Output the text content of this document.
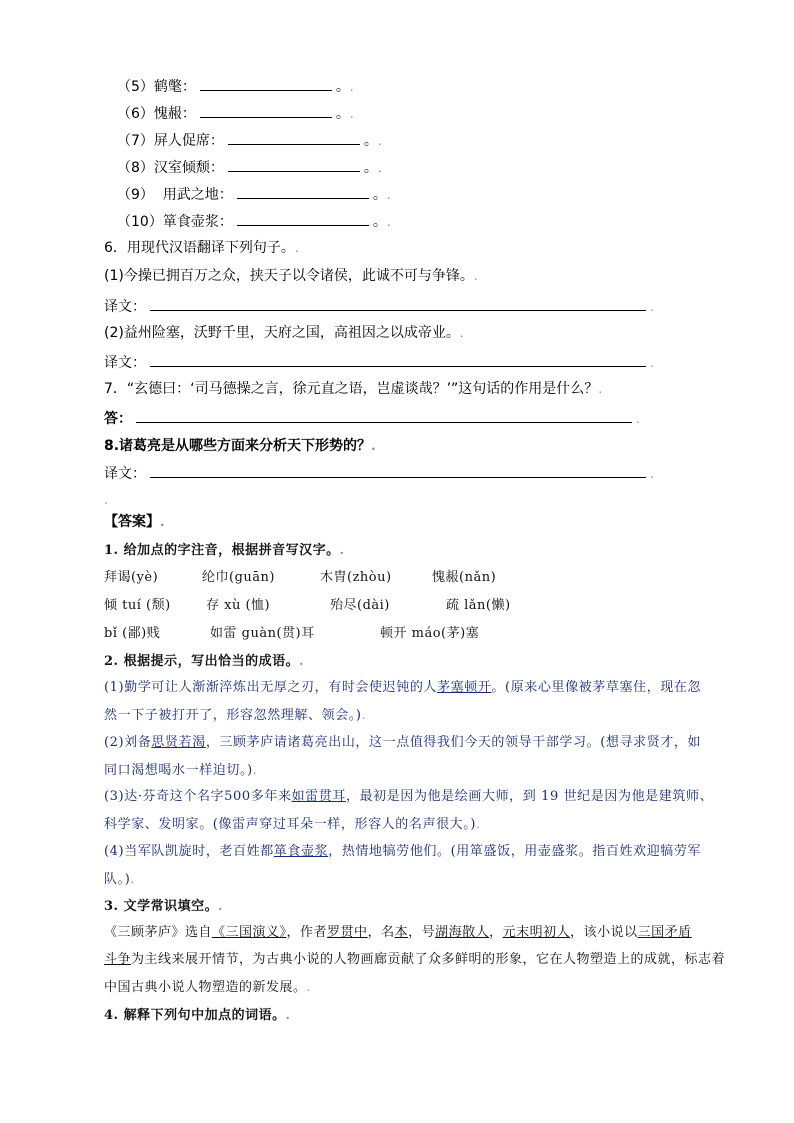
（5）鹤氅：	。.
（6）愧赧：	。.
（7）屏人促席：	。.
（8）汉室倾颓：	。.
（9）  用武之地：	。.
（10）箪食壶浆：	。.
6．用现代汉语翻译下列句子。.
(1)今操已拥百万之众，挟天子以令诸侯，此诚不可与争锋。.
译文：	.
(2)益州险塞，沃野千里，天府之国，高祖因之以成帝业。.
译文：	.
7．“玄德曰：‘司马德操之言，徐元直之语，岂虚谈哉？’”这句话的作用是什么？.
答：	.
8.诸葛亮是从哪些方面来分析天下形势的？.
译文：	.
.
【答案】.
1. 给加点的字注音，根据拼音写汉字。.
拜谒(yè)	纶巾(guān)	木胄(zhòu)	愧赧(nǎn)
倾 tuí (颓)	存 xù (恤)	殆尽(dài)	疏 lǎn(懒)
bǐ (鄙)贱	如雷 guàn(贯)耳	顿开 máo(茅)塞
2. 根据提示，写出恰当的成语。.
(1)勤学可让人渐渐淬炼出无厚之刃，有时会使迟钝的人茅塞顿开。(原来心里像被茅草塞住，现在忽
然一下子被打开了，形容忽然理解、领会。).
(2)刘备思贤若渴，三顾茅庐请诸葛亮出山，这一点值得我们今天的领导干部学习。(想寻求贤才，如
同口渴想喝水一样迫切。).
(3)达·芬奇这个名字500多年来如雷贯耳，最初是因为他是绘画大师，到 19 世纪是因为他是建筑师、
科学家、发明家。(像雷声穿过耳朵一样，形容人的名声很大。).
(4)当军队凯旋时，老百姓都箪食壶浆，热情地犒劳他们。(用箪盛饭，用壶盛浆。指百姓欢迎犒劳军
队。).
3. 文学常识填空。.
《三顾茅庐》选自《三国演义》，作者罗贯中，名本，号湖海散人，元末明初人，该小说以三国矛盾
斗争为主线来展开情节，为古典小说的人物画廊贡献了众多鲜明的形象，它在人物塑造上的成就，标志着
中国古典小说人物塑造的新发展。.
4. 解释下列句中加点的词语。.
